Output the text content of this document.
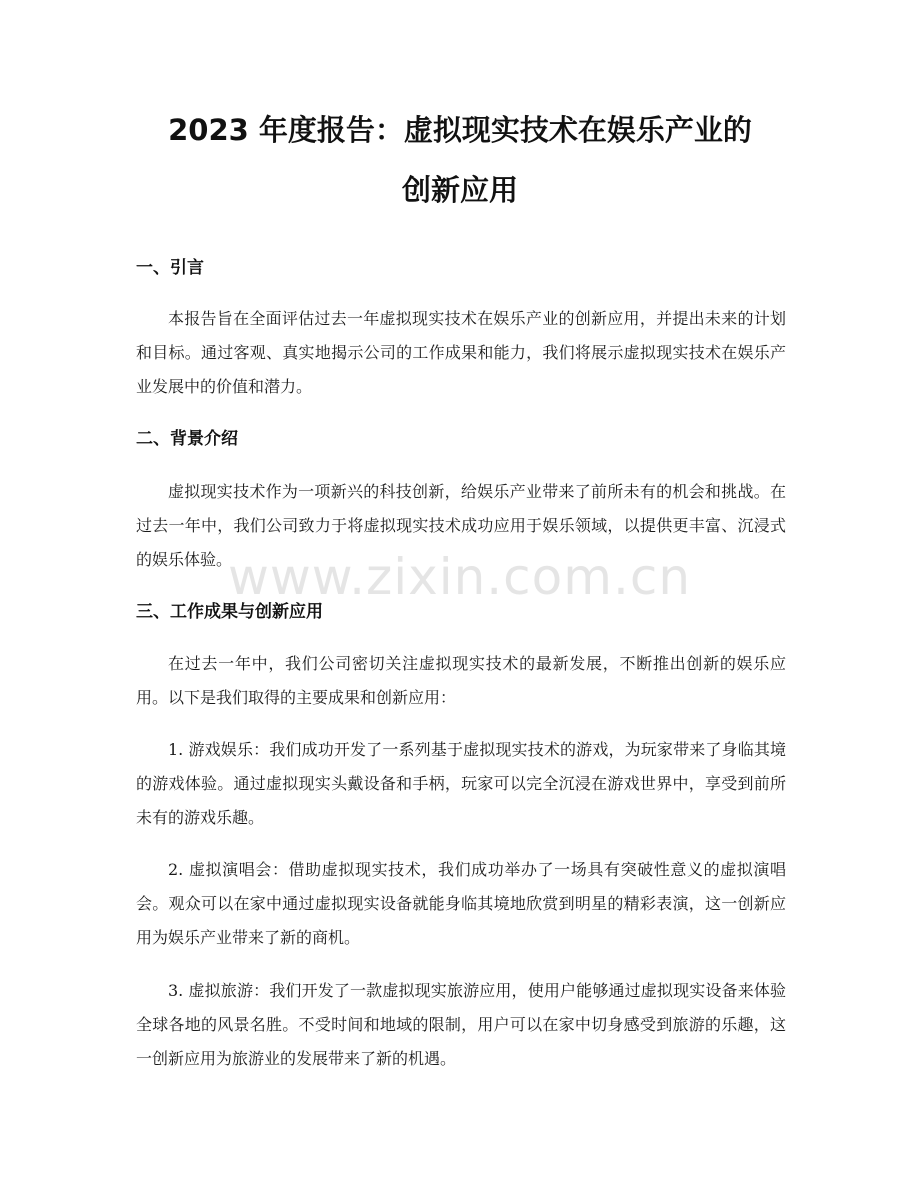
2023 年度报告：虚拟现实技术在娱乐产业的
创新应用
一、引言

本报告旨在全面评估过去一年虚拟现实技术在娱乐产业的创新应用，并提出未来的计划和目标。通过客观、真实地揭示公司的工作成果和能力，我们将展示虚拟现实技术在娱乐产业发展中的价值和潜力。

二、背景介绍

虚拟现实技术作为一项新兴的科技创新，给娱乐产业带来了前所未有的机会和挑战。在过去一年中，我们公司致力于将虚拟现实技术成功应用于娱乐领域，以提供更丰富、沉浸式的娱乐体验。

三、工作成果与创新应用

在过去一年中，我们公司密切关注虚拟现实技术的最新发展，不断推出创新的娱乐应用。以下是我们取得的主要成果和创新应用：

1. 游戏娱乐：我们成功开发了一系列基于虚拟现实技术的游戏，为玩家带来了身临其境的游戏体验。通过虚拟现实头戴设备和手柄，玩家可以完全沉浸在游戏世界中，享受到前所未有的游戏乐趣。

2. 虚拟演唱会：借助虚拟现实技术，我们成功举办了一场具有突破性意义的虚拟演唱会。观众可以在家中通过虚拟现实设备就能身临其境地欣赏到明星的精彩表演，这一创新应用为娱乐产业带来了新的商机。

3. 虚拟旅游：我们开发了一款虚拟现实旅游应用，使用户能够通过虚拟现实设备来体验全球各地的风景名胜。不受时间和地域的限制，用户可以在家中切身感受到旅游的乐趣，这一创新应用为旅游业的发展带来了新的机遇。

www.zixin.com.cn
